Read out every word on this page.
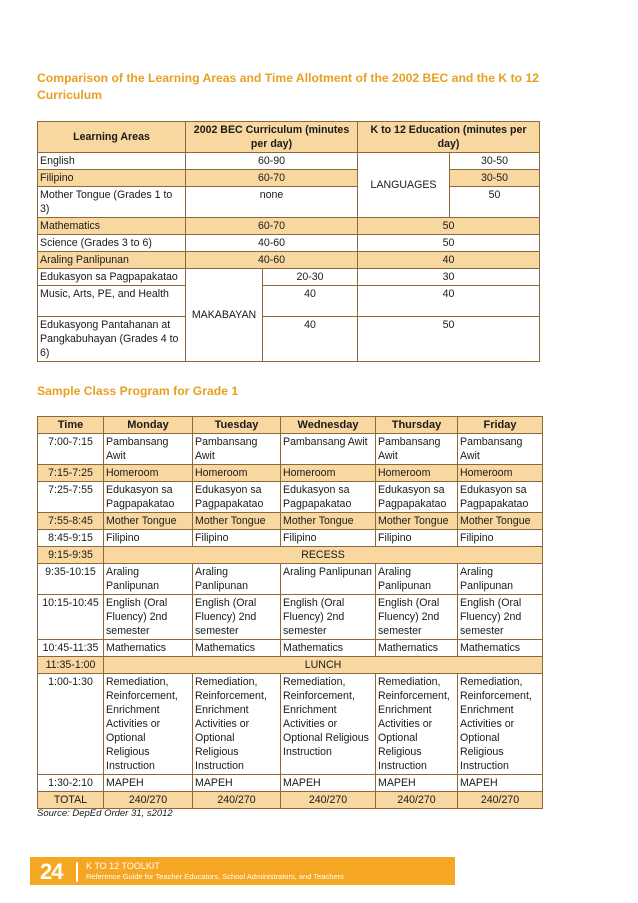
Comparison of the Learning Areas and Time Allotment of the 2002 BEC and the K to 12 Curriculum
Learning Areas	2002 BEC Curriculum (minutes per day)		K to 12 Education (minutes per day)	
English	60-90		LANGUAGES	30-50
Filipino	60-70			30-50
Mother Tongue (Grades 1 to 3)	none			50
Mathematics	60-70		50	
Science (Grades 3 to 6)	40-60		50	
Araling Panlipunan	40-60		40	
Edukasyon sa Pagpapakatao	MAKABAYAN	20-30	30	
Music, Arts, PE, and Health		40	40	
Edukasyong Pantahanan at Pangkabuhayan (Grades 4 to 6)		40	50	
Sample Class Program for Grade 1
Time	Monday	Tuesday	Wednesday	Thursday	Friday
7:00-7:15	Pambansang Awit	Pambansang Awit	Pambansang Awit	Pambansang Awit	Pambansang Awit
7:15-7:25	Homeroom	Homeroom	Homeroom	Homeroom	Homeroom
7:25-7:55	Edukasyon sa Pagpapakatao	Edukasyon sa Pagpapakatao	Edukasyon sa Pagpapakatao	Edukasyon sa Pagpapakatao	Edukasyon sa Pagpapakatao
7:55-8:45	Mother Tongue	Mother Tongue	Mother Tongue	Mother Tongue	Mother Tongue
8:45-9:15	Filipino	Filipino	Filipino	Filipino	Filipino
9:15-9:35	RECESS				
9:35-10:15	Araling Panlipunan	Araling Panlipunan	Araling Panlipunan	Araling Panlipunan	Araling Panlipunan
10:15-10:45	English (Oral Fluency) 2nd semester	English (Oral Fluency) 2nd semester	English (Oral Fluency) 2nd semester	English (Oral Fluency) 2nd semester	English (Oral Fluency) 2nd semester
10:45-11:35	Mathematics	Mathematics	Mathematics	Mathematics	Mathematics
11:35-1:00	LUNCH				
1:00-1:30	Remediation, Reinforcement, Enrichment Activities or Optional Religious Instruction	Remediation, Reinforcement, Enrichment Activities or Optional Religious Instruction	Remediation, Reinforcement, Enrichment Activities or Optional Religious Instruction	Remediation, Reinforcement, Enrichment Activities or Optional Religious Instruction	Remediation, Reinforcement, Enrichment Activities or Optional Religious Instruction
1:30-2:10	MAPEH	MAPEH	MAPEH	MAPEH	MAPEH
TOTAL	240/270	240/270	240/270	240/270	240/270
Source: DepEd Order 31, s2012
24	K TO 12 TOOLKIT
Reference Guide for Teacher Educators, School Administrators, and Teachers
